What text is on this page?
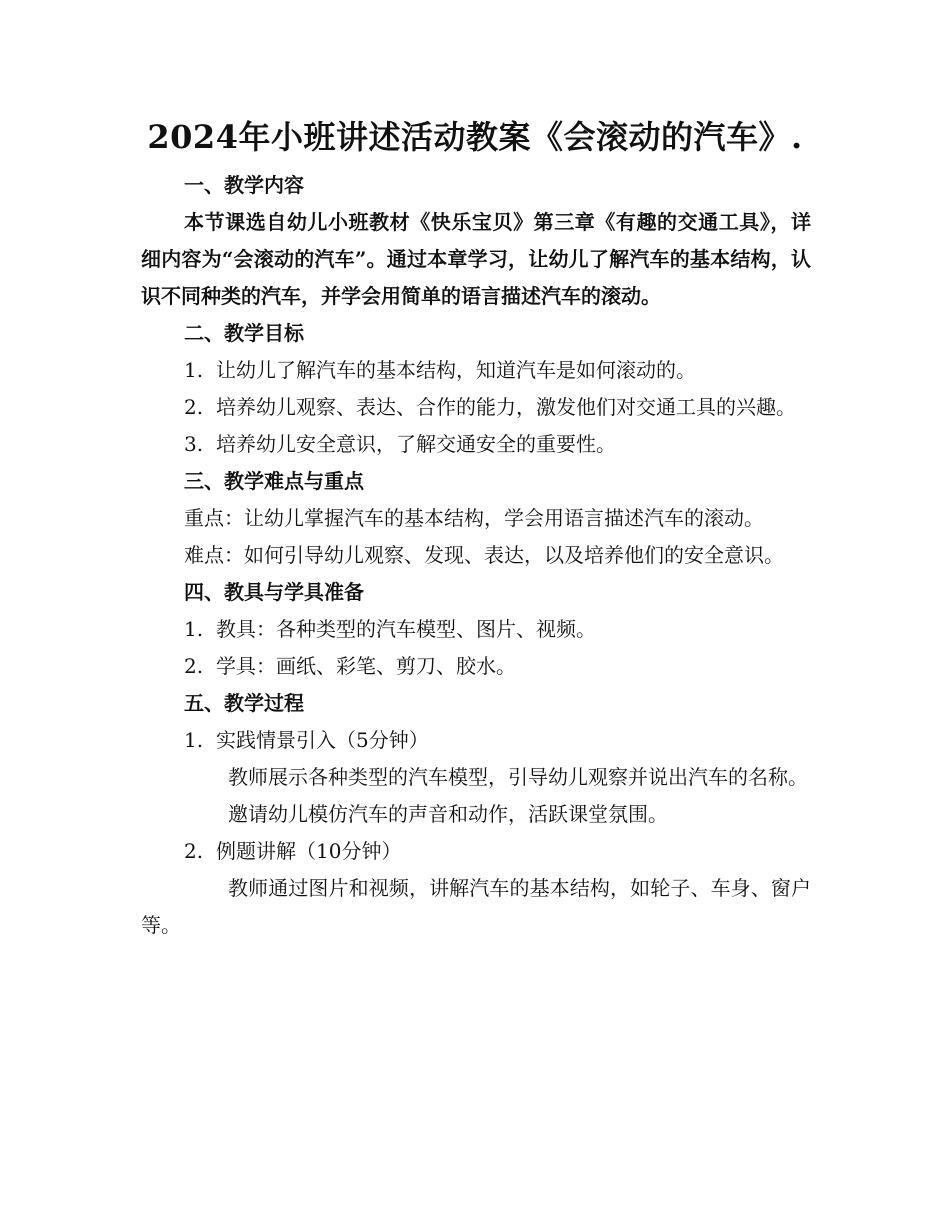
2024年小班讲述活动教案《会滚动的汽车》.

一、教学内容

本节课选自幼儿小班教材《快乐宝贝》第三章《有趣的交通工具》，详细内容为“会滚动的汽车”。通过本章学习，让幼儿了解汽车的基本结构，认识不同种类的汽车，并学会用简单的语言描述汽车的滚动。

二、教学目标

1. 让幼儿了解汽车的基本结构，知道汽车是如何滚动的。

2. 培养幼儿观察、表达、合作的能力，激发他们对交通工具的兴趣。

3. 培养幼儿安全意识，了解交通安全的重要性。

三、教学难点与重点

重点：让幼儿掌握汽车的基本结构，学会用语言描述汽车的滚动。

难点：如何引导幼儿观察、发现、表达，以及培养他们的安全意识。

四、教具与学具准备

1. 教具：各种类型的汽车模型、图片、视频。

2. 学具：画纸、彩笔、剪刀、胶水。

五、教学过程

1. 实践情景引入（5分钟）

教师展示各种类型的汽车模型，引导幼儿观察并说出汽车的名称。

邀请幼儿模仿汽车的声音和动作，活跃课堂氛围。

2. 例题讲解（10分钟）

教师通过图片和视频，讲解汽车的基本结构，如轮子、车身、窗户等。
